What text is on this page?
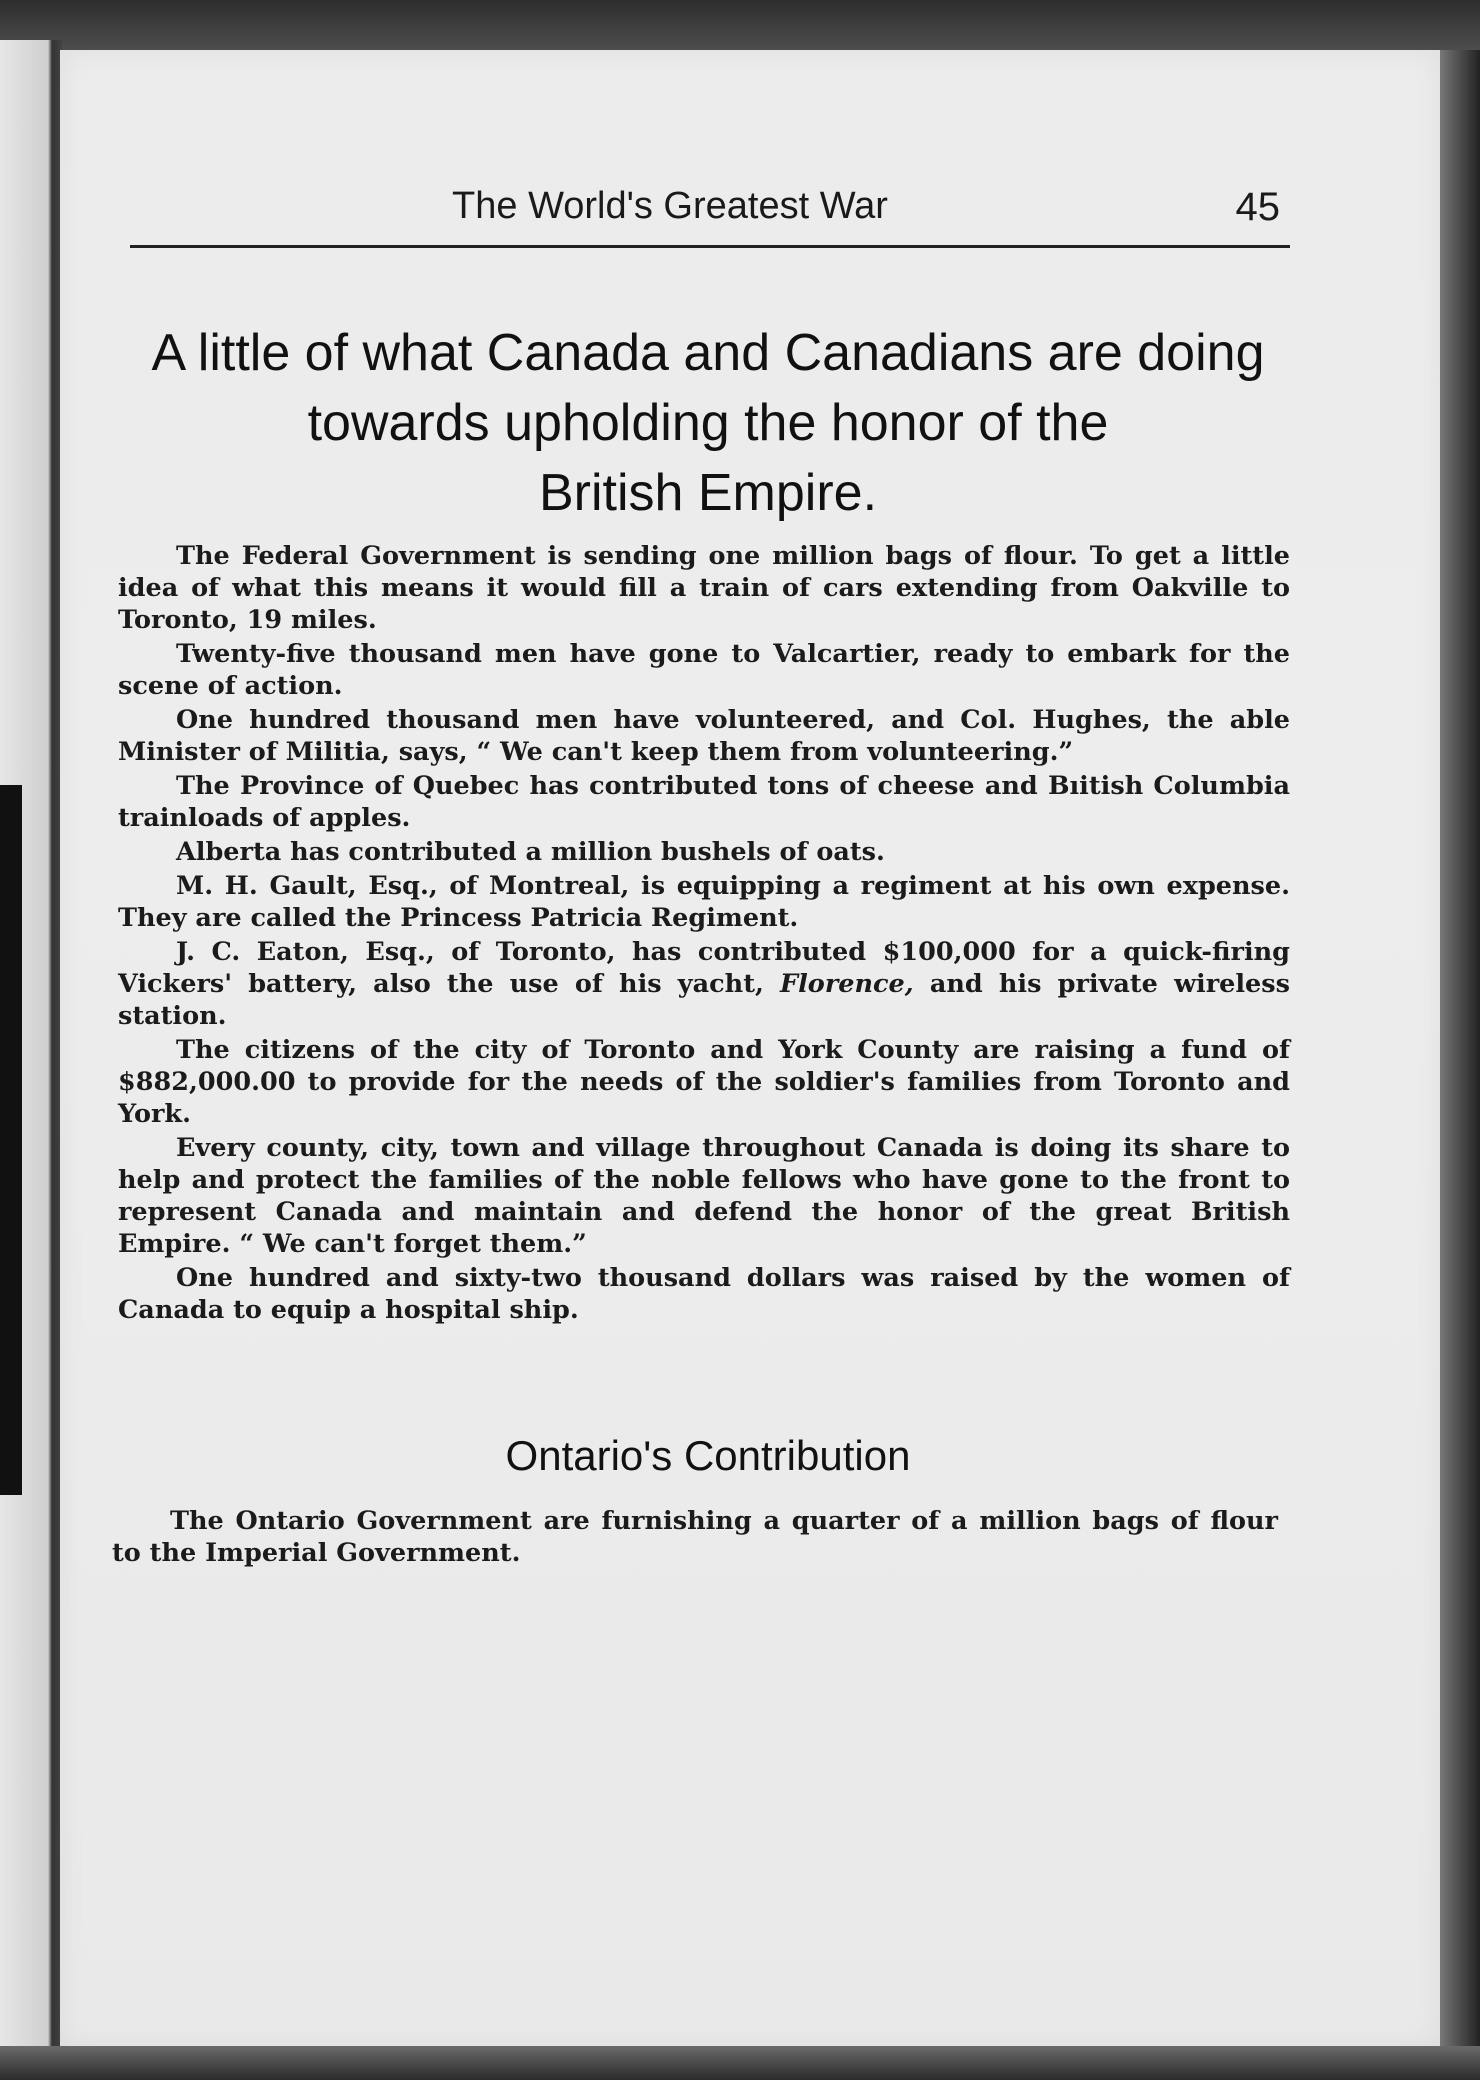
The World's Greatest War	45
A little of what Canada and Canadians are doing
towards upholding the honor of the
British Empire.

The Federal Government is sending one million bags of flour. To get a little idea of what this means it would fill a train of cars extending from Oakville to Toronto, 19 miles.

Twenty-five thousand men have gone to Valcartier, ready to embark for the scene of action.

One hundred thousand men have volunteered, and Col. Hughes, the able Minister of Militia, says, “ We can't keep them from volunteering.”

The Province of Quebec has contributed tons of cheese and Bıitish Columbia trainloads of apples.

Alberta has contributed a million bushels of oats.

M. H. Gault, Esq., of Montreal, is equipping a regiment at his own expense. They are called the Princess Patricia Regiment.

J. C. Eaton, Esq., of Toronto, has contributed $100,000 for a quick-firing Vickers' battery, also the use of his yacht, Florence, and his private wireless station.

The citizens of the city of Toronto and York County are raising a fund of $882,000.00 to provide for the needs of the soldier's families from Toronto and York.

Every county, city, town and village throughout Canada is doing its share to help and protect the families of the noble fellows who have gone to the front to represent Canada and maintain and defend the honor of the great British Empire. “ We can't forget them.”

One hundred and sixty-two thousand dollars was raised by the women of Canada to equip a hospital ship.

Ontario's Contribution

The Ontario Government are furnishing a quarter of a million bags of flour to the Imperial Government.
